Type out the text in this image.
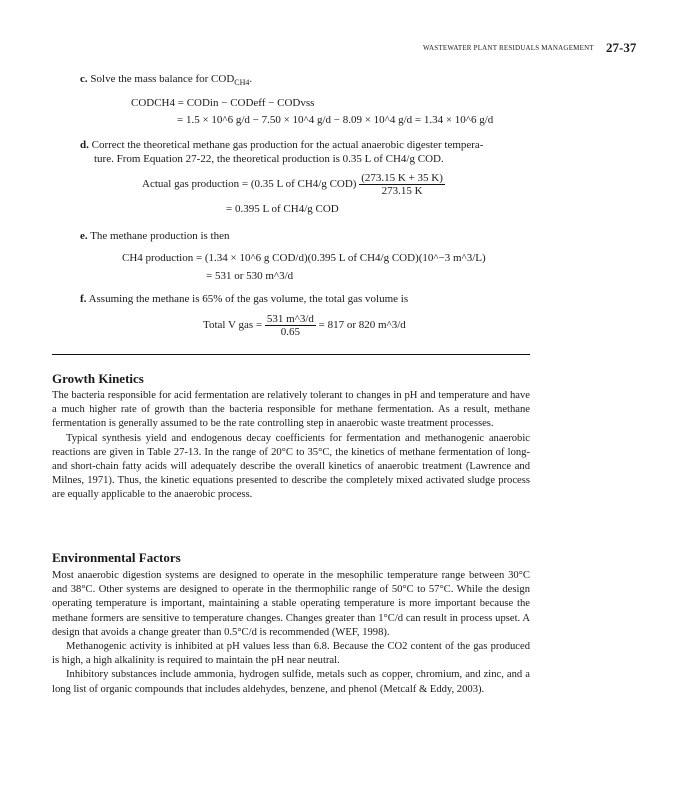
WASTEWATER PLANT RESIDUALS MANAGEMENT 27-37
c. Solve the mass balance for $COD_{CH4}$.
CODCH4 = CODin − CODeff − CODvss
= 1.5 × 10^6 g/d − 7.50 × 10^4 g/d − 8.09 × 10^4 g/d = 1.34 × 10^6 g/d
d. Correct the theoretical methane gas production for the actual anaerobic digester tempera-
ture. From Equation 27-22, the theoretical production is 0.35 L of CH4/g COD.
Actual gas production = (0.35 L of CH4/g $COD) \frac{(273.15 K + 35 K)}{273.15 K}$
= 0.395 L of CH4/g COD
e. The methane production is then
CH4 production = (1.34 × 10^6 g COD/d)(0.395 L of CH4/g COD)(10^−3 m^3/L)
= 531 or 530 m^3/d
f. Assuming the methane is 65% of the gas volume, the total gas volume is
Total V gas = $\frac{531 m\^{}3/d}{0.65} = 817$ or 820 m^3/d
Growth Kinetics

The bacteria responsible for acid fermentation are relatively tolerant to changes in pH and temperature and have a much higher rate of growth than the bacteria responsible for methane fermentation. As a result, methane fermentation is generally assumed to be the rate controlling step in anaerobic waste treatment processes.

Typical synthesis yield and endogenous decay coefficients for fermentation and methanogenic anaerobic reactions are given in Table 27-13. In the range of 20°C to 35°C, the kinetics of methane fermentation of long- and short-chain fatty acids will adequately describe the overall kinetics of anaerobic treatment (Lawrence and Milnes, 1971). Thus, the kinetic equations presented to describe the completely mixed activated sludge process are equally applicable to the anaerobic process.

Environmental Factors

Most anaerobic digestion systems are designed to operate in the mesophilic temperature range between 30°C and 38°C. Other systems are designed to operate in the thermophilic range of 50°C to 57°C. While the design operating temperature is important, maintaining a stable operating temperature is more important because the methane formers are sensitive to temperature changes. Changes greater than 1°C/d can result in process upset. A design that avoids a change greater than 0.5°C/d is recommended (WEF, 1998).

Methanogenic activity is inhibited at pH values less than 6.8. Because the CO2 content of the gas produced is high, a high alkalinity is required to maintain the pH near neutral.

Inhibitory substances include ammonia, hydrogen sulfide, metals such as copper, chromium, and zinc, and a long list of organic compounds that includes aldehydes, benzene, and phenol (Metcalf & Eddy, 2003).
